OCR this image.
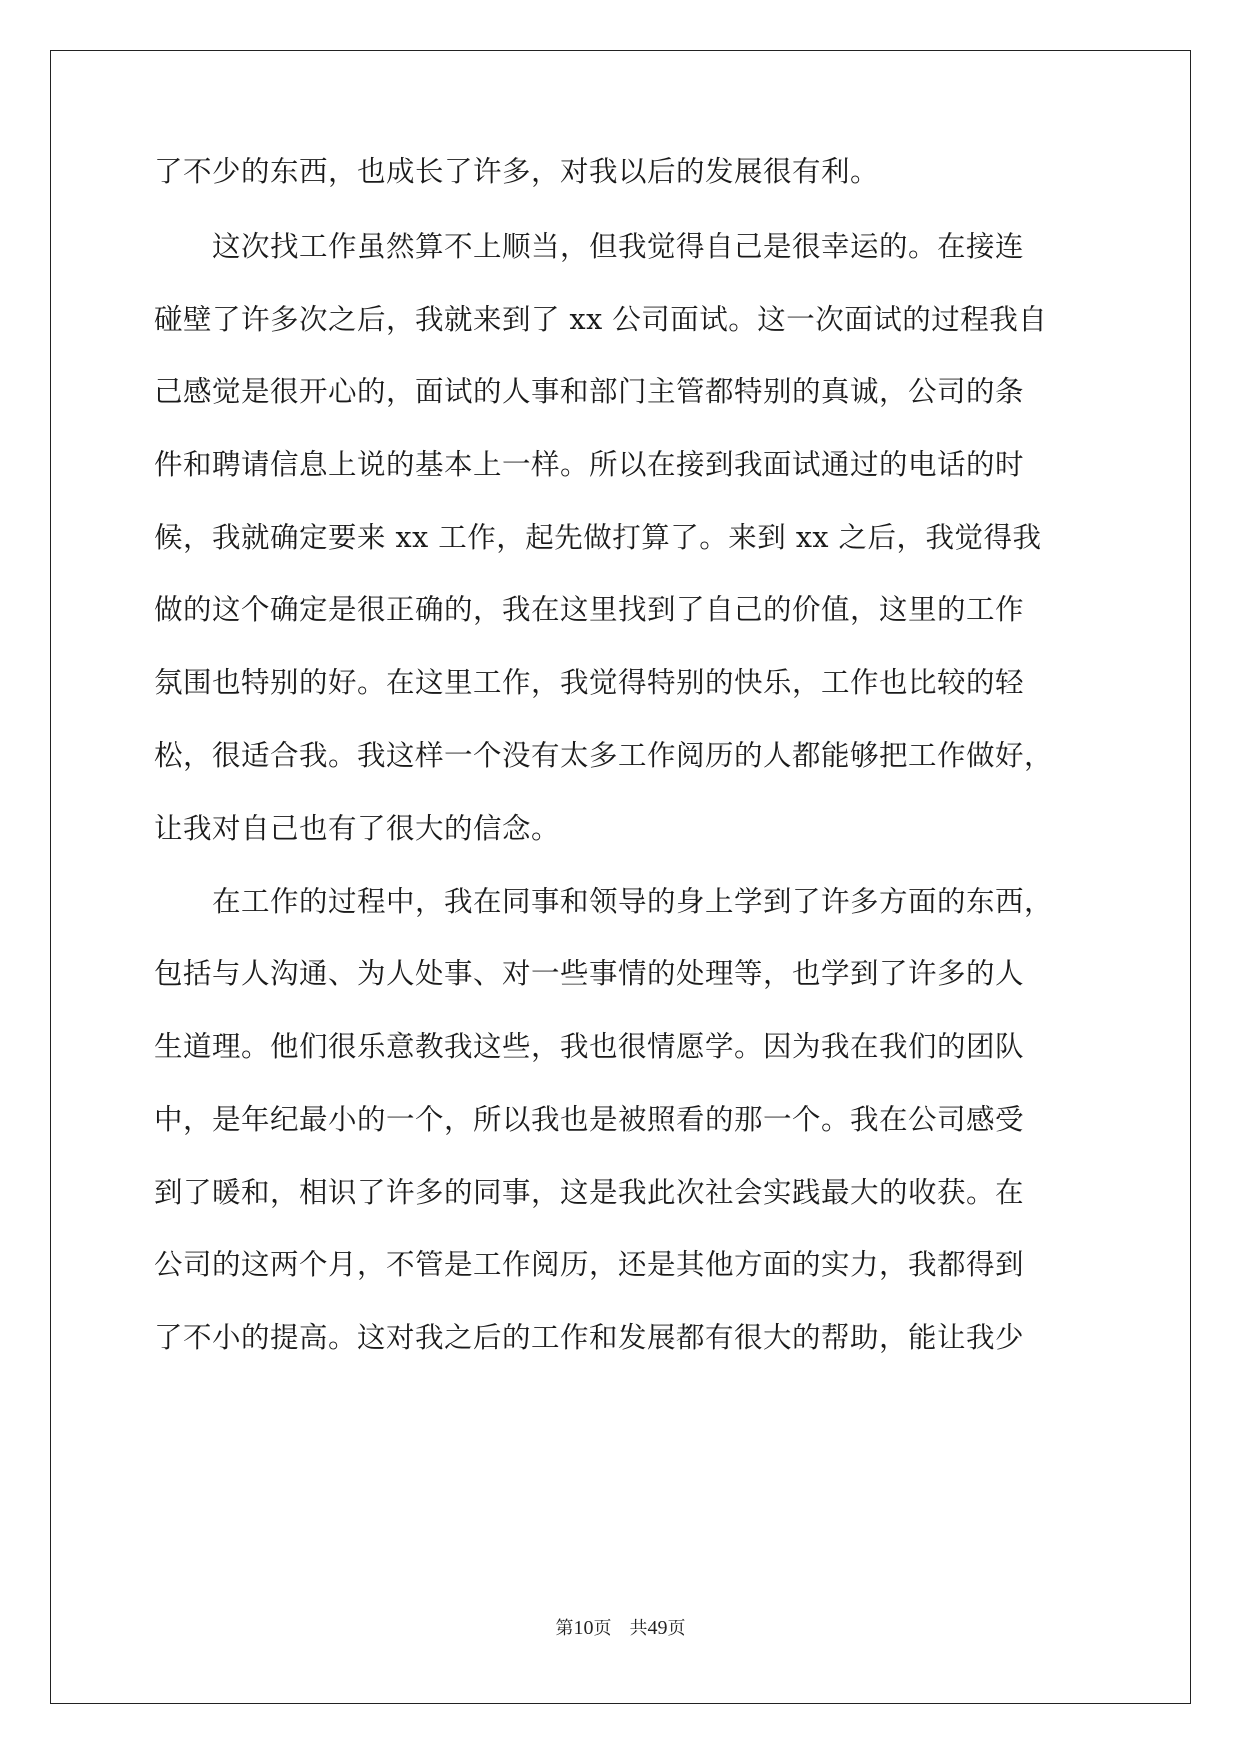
了不少的东西，也成长了许多，对我以后的发展很有利。
　　这次找工作虽然算不上顺当，但我觉得自己是很幸运的。在接连
碰壁了许多次之后，我就来到了 xx 公司面试。这一次面试的过程我自
己感觉是很开心的，面试的人事和部门主管都特别的真诚，公司的条
件和聘请信息上说的基本上一样。所以在接到我面试通过的电话的时
候，我就确定要来 xx 工作，起先做打算了。来到 xx 之后，我觉得我
做的这个确定是很正确的，我在这里找到了自己的价值，这里的工作
氛围也特别的好。在这里工作，我觉得特别的快乐，工作也比较的轻
松，很适合我。我这样一个没有太多工作阅历的人都能够把工作做好，
让我对自己也有了很大的信念。
　　在工作的过程中，我在同事和领导的身上学到了许多方面的东西，
包括与人沟通、为人处事、对一些事情的处理等，也学到了许多的人
生道理。他们很乐意教我这些，我也很情愿学。因为我在我们的团队
中，是年纪最小的一个，所以我也是被照看的那一个。我在公司感受
到了暖和，相识了许多的同事，这是我此次社会实践最大的收获。在
公司的这两个月，不管是工作阅历，还是其他方面的实力，我都得到
了不小的提高。这对我之后的工作和发展都有很大的帮助，能让我少
第10页 共49页
